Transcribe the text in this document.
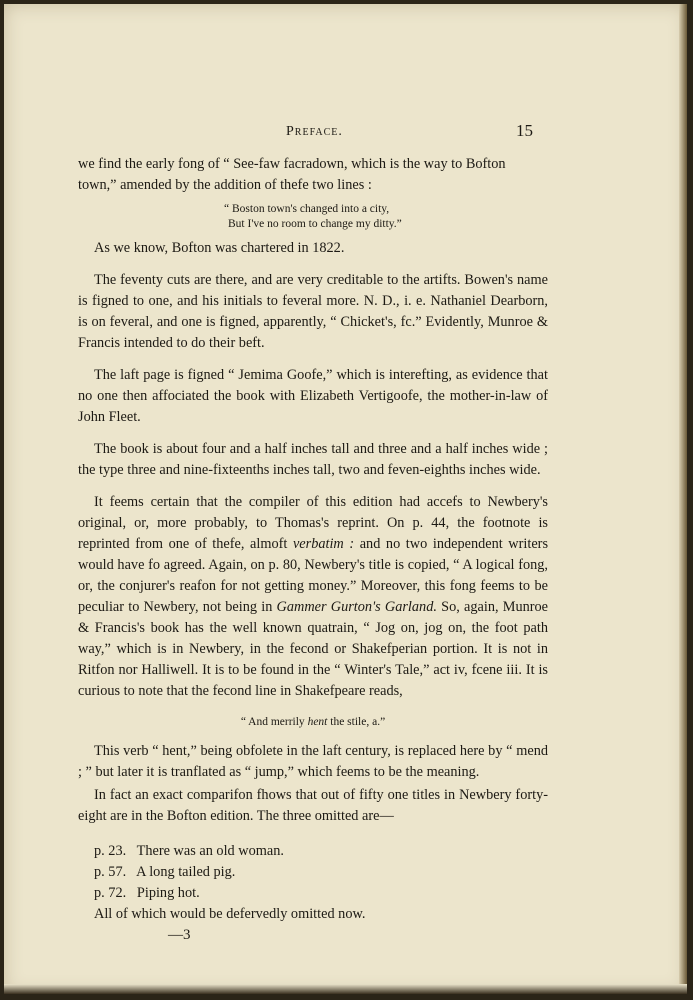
Preface.	15

we find the early fong of “ See-faw facradown, which is the way to Bofton
town,” amended by the addition of thefe two lines :

“ Boston town's changed into a city,
But I've no room to change my ditty.”

As we know, Bofton was chartered in 1822.

The feventy cuts are there, and are very creditable to the artifts. Bowen's name is figned to one, and his initials to feveral more. N. D., i. e. Nathaniel Dearborn, is on feveral, and one is figned, apparently, “ Chicket's, fc.” Evidently, Munroe & Francis intended to do their beft.

The laft page is figned “ Jemima Goofe,” which is interefting, as evidence that no one then affociated the book with Elizabeth Vertigoofe, the mother-in-law of John Fleet.

The book is about four and a half inches tall and three and a half inches wide ; the type three and nine-fixteenths inches tall, two and feven-eighths inches wide.

It feems certain that the compiler of this edition had accefs to Newbery's original, or, more probably, to Thomas's reprint. On p. 44, the footnote is reprinted from one of thefe, almoft verbatim : and no two independent writers would have fo agreed. Again, on p. 80, Newbery's title is copied, “ A logical fong, or, the conjurer's reafon for not getting money.” Moreover, this fong feems to be peculiar to Newbery, not being in Gammer Gurton's Garland. So, again, Munroe & Francis's book has the well known quatrain, “ Jog on, jog on, the foot path way,” which is in Newbery, in the fecond or Shakefperian portion. It is not in Ritfon nor Halliwell. It is to be found in the “ Winter's Tale,” act iv, fcene iii. It is curious to note that the fecond line in Shakefpeare reads,

“ And merrily hent the stile, a.”

This verb “ hent,” being obfolete in the laft century, is replaced here by “ mend ; ” but later it is tranflated as “ jump,” which feems to be the meaning.

In fact an exact comparifon fhows that out of fifty one titles in Newbery forty-eight are in the Bofton edition. The three omitted are—

p. 23.   There was an old woman.
p. 57.   A long tailed pig.
p. 72.   Piping hot.
All of which would be defervedly omitted now.
—3
